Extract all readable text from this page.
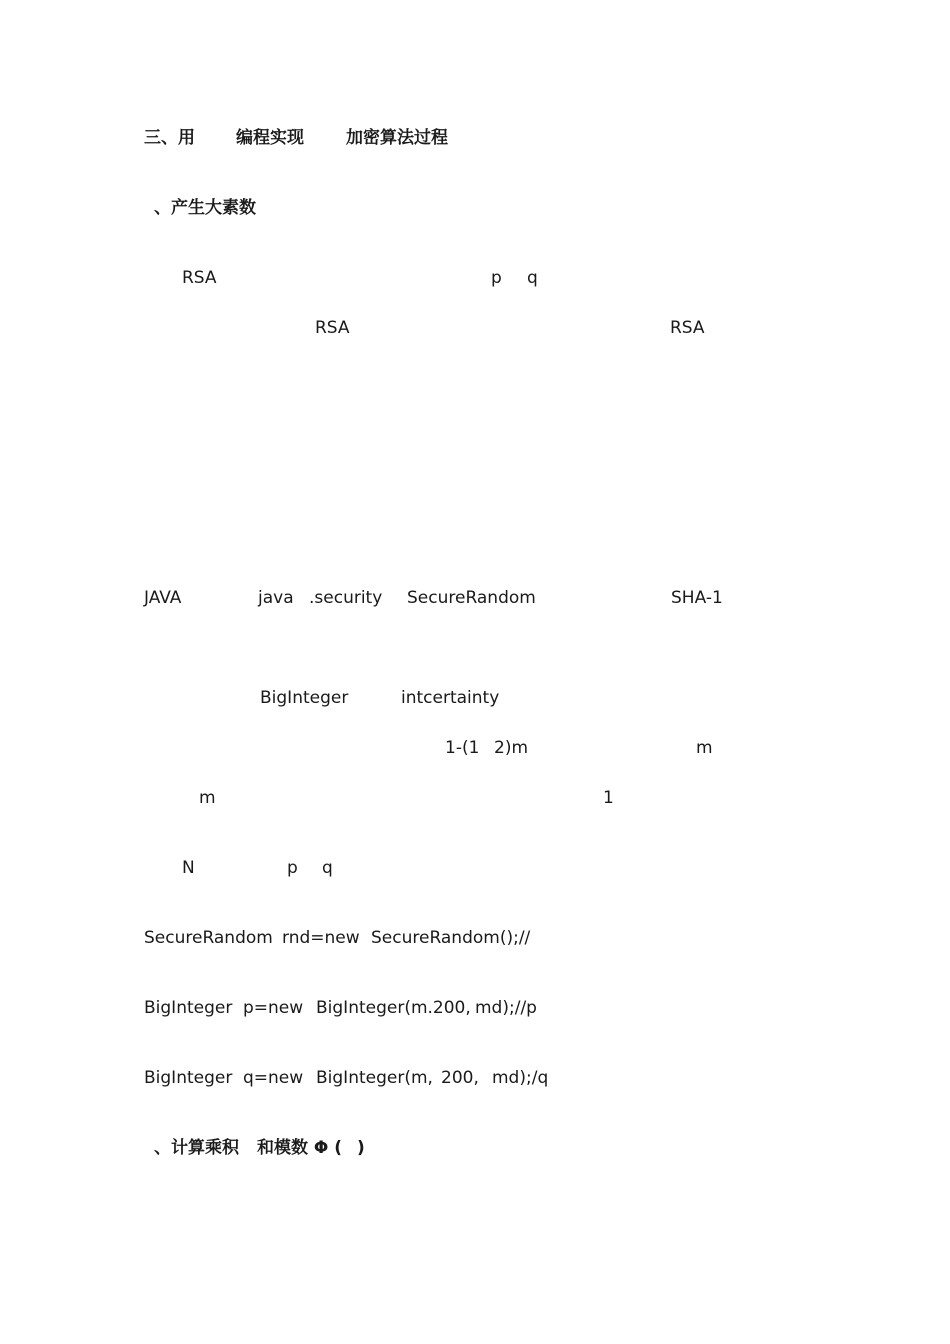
三、用 编程实现 加密算法过程
、产生大素数
RSA	p q
RSA	RSA
JAVA	java .security SecureRandom	SHA-1
BigInteger	intcertainty
1-(1 2)m	m
m	1
N	p q
SecureRandom rnd=new SecureRandom();//
BigInteger p=new BigInteger(m.200, md);//p
BigInteger q=new BigInteger(m, 200, md);/q
、计算乘积 和模数 Φ ( )
